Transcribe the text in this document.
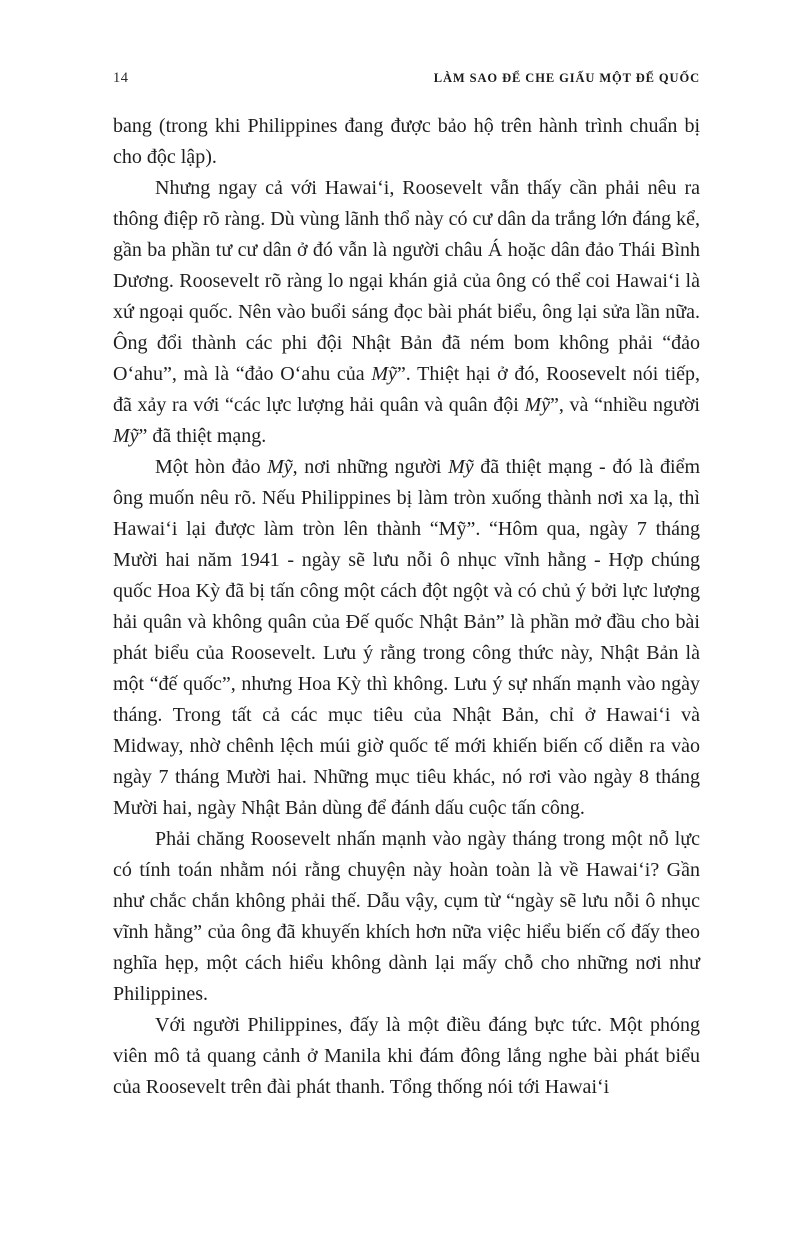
14	LÀM SAO ĐỂ CHE GIẤU MỘT ĐẾ QUỐC

bang (trong khi Philippines đang được bảo hộ trên hành trình chuẩn bị cho độc lập).

Nhưng ngay cả với Hawai‘i, Roosevelt vẫn thấy cần phải nêu ra thông điệp rõ ràng. Dù vùng lãnh thổ này có cư dân da trắng lớn đáng kể, gần ba phần tư cư dân ở đó vẫn là người châu Á hoặc dân đảo Thái Bình Dương. Roosevelt rõ ràng lo ngại khán giả của ông có thể coi Hawai‘i là xứ ngoại quốc. Nên vào buổi sáng đọc bài phát biểu, ông lại sửa lần nữa. Ông đổi thành các phi đội Nhật Bản đã ném bom không phải “đảo O‘ahu”, mà là “đảo O‘ahu của Mỹ”. Thiệt hại ở đó, Roosevelt nói tiếp, đã xảy ra với “các lực lượng hải quân và quân đội Mỹ”, và “nhiều người Mỹ” đã thiệt mạng.

Một hòn đảo Mỹ, nơi những người Mỹ đã thiệt mạng - đó là điểm ông muốn nêu rõ. Nếu Philippines bị làm tròn xuống thành nơi xa lạ, thì Hawai‘i lại được làm tròn lên thành “Mỹ”. “Hôm qua, ngày 7 tháng Mười hai năm 1941 - ngày sẽ lưu nỗi ô nhục vĩnh hằng - Hợp chúng quốc Hoa Kỳ đã bị tấn công một cách đột ngột và có chủ ý bởi lực lượng hải quân và không quân của Đế quốc Nhật Bản” là phần mở đầu cho bài phát biểu của Roosevelt. Lưu ý rằng trong công thức này, Nhật Bản là một “đế quốc”, nhưng Hoa Kỳ thì không. Lưu ý sự nhấn mạnh vào ngày tháng. Trong tất cả các mục tiêu của Nhật Bản, chỉ ở Hawai‘i và Midway, nhờ chênh lệch múi giờ quốc tế mới khiến biến cố diễn ra vào ngày 7 tháng Mười hai. Những mục tiêu khác, nó rơi vào ngày 8 tháng Mười hai, ngày Nhật Bản dùng để đánh dấu cuộc tấn công.

Phải chăng Roosevelt nhấn mạnh vào ngày tháng trong một nỗ lực có tính toán nhằm nói rằng chuyện này hoàn toàn là về Hawai‘i? Gần như chắc chắn không phải thế. Dẫu vậy, cụm từ “ngày sẽ lưu nỗi ô nhục vĩnh hằng” của ông đã khuyến khích hơn nữa việc hiểu biến cố đấy theo nghĩa hẹp, một cách hiểu không dành lại mấy chỗ cho những nơi như Philippines.

Với người Philippines, đấy là một điều đáng bực tức. Một phóng viên mô tả quang cảnh ở Manila khi đám đông lắng nghe bài phát biểu của Roosevelt trên đài phát thanh. Tổng thống nói tới Hawai‘i
